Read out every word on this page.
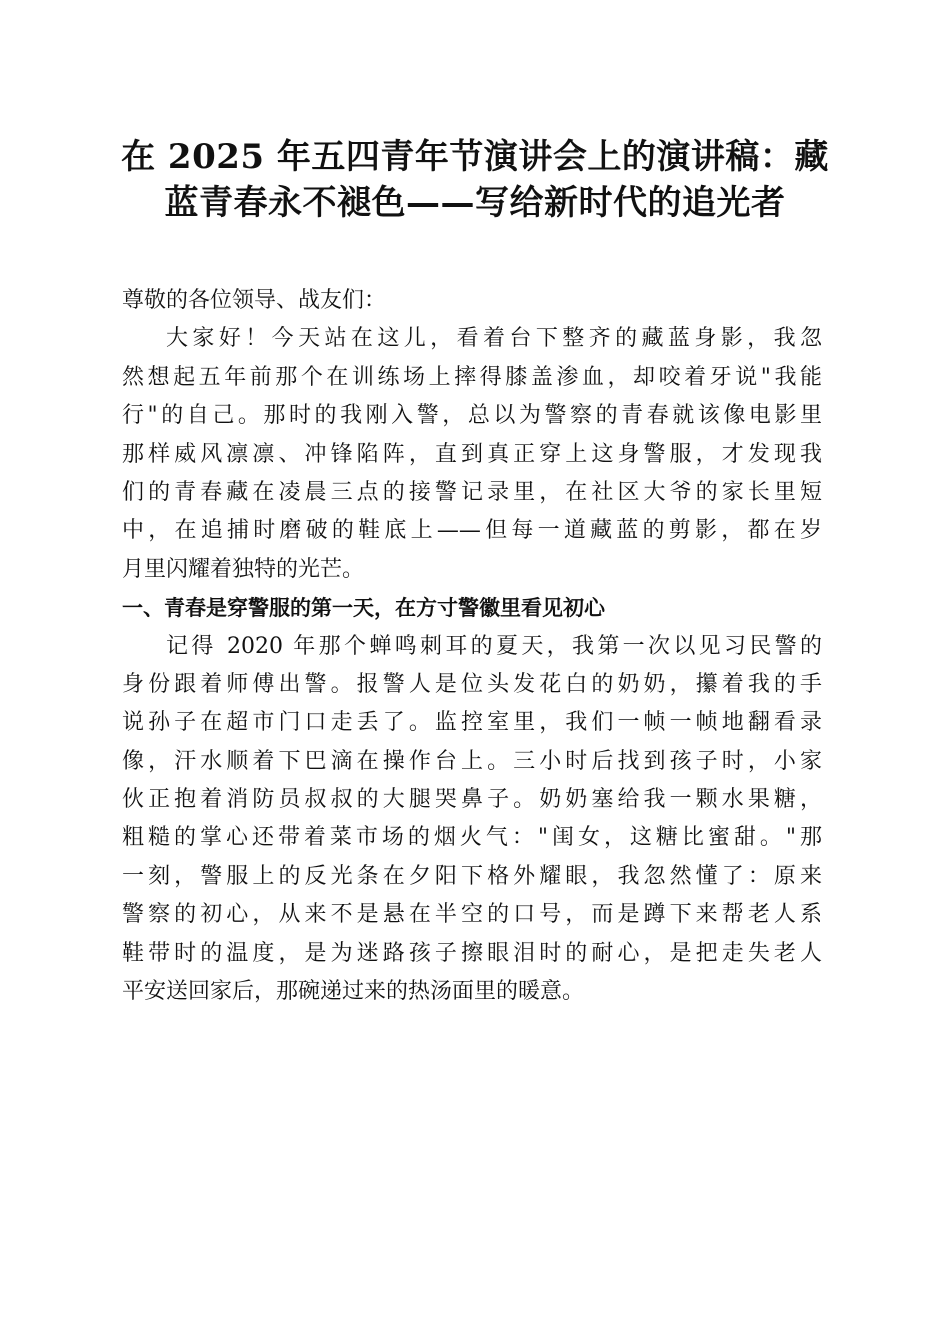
在 2025 年五四青年节演讲会上的演讲稿：藏
蓝青春永不褪色——写给新时代的追光者

尊敬的各位领导、战友们：

大家好！今天站在这儿，看着台下整齐的藏蓝身影，我忽
然想起五年前那个在训练场上摔得膝盖渗血，却咬着牙说"我能
行"的自己。那时的我刚入警，总以为警察的青春就该像电影里
那样威风凛凛、冲锋陷阵，直到真正穿上这身警服，才发现我
们的青春藏在凌晨三点的接警记录里，在社区大爷的家长里短
中，在追捕时磨破的鞋底上——但每一道藏蓝的剪影，都在岁
月里闪耀着独特的光芒。

一、青春是穿警服的第一天，在方寸警徽里看见初心

记得 2020 年那个蝉鸣刺耳的夏天，我第一次以见习民警的
身份跟着师傅出警。报警人是位头发花白的奶奶，攥着我的手
说孙子在超市门口走丢了。监控室里，我们一帧一帧地翻看录
像，汗水顺着下巴滴在操作台上。三小时后找到孩子时，小家
伙正抱着消防员叔叔的大腿哭鼻子。奶奶塞给我一颗水果糖，
粗糙的掌心还带着菜市场的烟火气："闺女，这糖比蜜甜。"那
一刻，警服上的反光条在夕阳下格外耀眼，我忽然懂了：原来
警察的初心，从来不是悬在半空的口号，而是蹲下来帮老人系
鞋带时的温度，是为迷路孩子擦眼泪时的耐心，是把走失老人
平安送回家后，那碗递过来的热汤面里的暖意。
